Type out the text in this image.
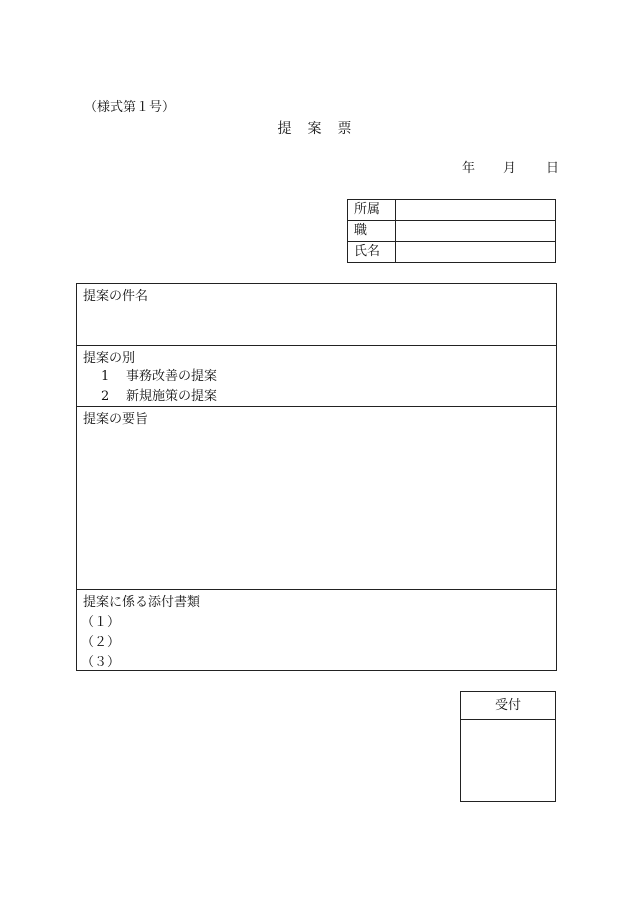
（様式第１号）
提　案　票
年 月 日
所属
職
氏名
提案の件名
提案の別
1 事務改善の提案
2 新規施策の提案
提案の要旨
提案に係る添付書類
（１）
（２）
（３）
受付
